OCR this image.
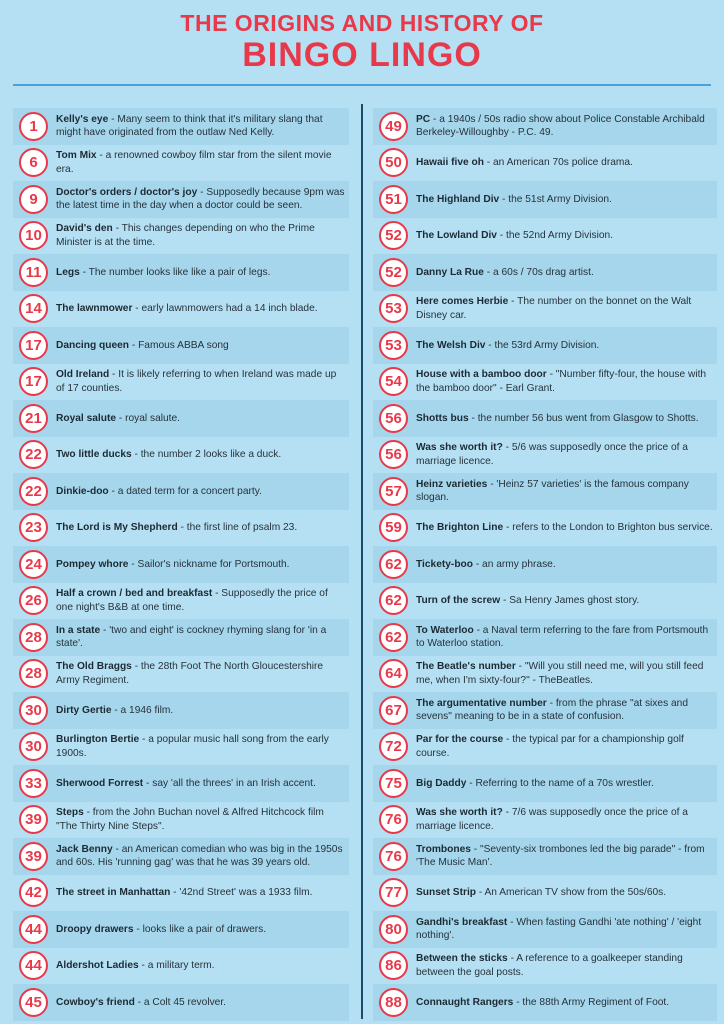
THE ORIGINS AND HISTORY OF
BINGO LINGO
1	Kelly's eye - Many seem to think that it's military slang that might have originated from the outlaw Ned Kelly.
6	Tom Mix - a renowned cowboy film star from the silent movie era.
9	Doctor's orders / doctor's joy - Supposedly because 9pm was the latest time in the day when a doctor could be seen.
10	David's den - This changes depending on who the Prime Minister is at the time.
11	Legs - The number looks like like a pair of legs.
14	The lawnmower - early lawnmowers had a 14 inch blade.
17	Dancing queen - Famous ABBA song
17	Old Ireland - It is likely referring to when Ireland was made up of 17 counties.
21	Royal salute - royal salute.
22	Two little ducks - the number 2 looks like a duck.
22	Dinkie-doo - a dated term for a concert party.
23	The Lord is My Shepherd - the first line of psalm 23.
24	Pompey whore - Sailor's nickname for Portsmouth.
26	Half a crown / bed and breakfast - Supposedly the price of one night's B&B at one time.
28	In a state - 'two and eight' is cockney rhyming slang for 'in a state'.
28	The Old Braggs - the 28th Foot The North Gloucestershire Army Regiment.
30	Dirty Gertie - a 1946 film.
30	Burlington Bertie - a popular music hall song from the early 1900s.
33	Sherwood Forrest - say 'all the threes' in an Irish accent.
39	Steps - from the John Buchan novel & Alfred Hitchcock film "The Thirty Nine Steps".
39	Jack Benny - an American comedian who was big in the 1950s and 60s. His 'running gag' was that he was 39 years old.
42	The street in Manhattan - '42nd Street' was a 1933 film.
44	Droopy drawers - looks like a pair of drawers.
44	Aldershot Ladies - a military term.
45	Cowboy's friend - a Colt 45 revolver.
49	PC - a 1940s / 50s radio show about Police Constable Archibald Berkeley-Willoughby - P.C. 49.
50	Hawaii five oh - an American 70s police drama.
51	The Highland Div - the 51st Army Division.
52	The Lowland Div - the 52nd Army Division.
52	Danny La Rue - a 60s / 70s drag artist.
53	Here comes Herbie - The number on the bonnet on the Walt Disney car.
53	The Welsh Div - the 53rd Army Division.
54	House with a bamboo door - "Number fifty-four, the house with the bamboo door" - Earl Grant.
56	Shotts bus - the number 56 bus went from Glasgow to Shotts.
56	Was she worth it? - 5/6 was supposedly once the price of a marriage licence.
57	Heinz varieties - 'Heinz 57 varieties' is the famous company slogan.
59	The Brighton Line - refers to the London to Brighton bus service.
62	Tickety-boo - an army phrase.
62	Turn of the screw - Sa Henry James ghost story.
62	To Waterloo - a Naval term referring to the fare from Portsmouth to Waterloo station.
64	The Beatle's number - "Will you still need me, will you still feed me, when I'm sixty-four?" - TheBeatles.
67	The argumentative number - from the phrase "at sixes and sevens" meaning to be in a state of confusion.
72	Par for the course - the typical par for a championship golf course.
75	Big Daddy - Referring to the name of a 70s wrestler.
76	Was she worth it? - 7/6 was supposedly once the price of a marriage licence.
76	Trombones - "Seventy-six trombones led the big parade" - from 'The Music Man'.
77	Sunset Strip - An American TV show from the 50s/60s.
80	Gandhi's breakfast - When fasting Gandhi 'ate nothing' / 'eight nothing'.
86	Between the sticks - A reference to a goalkeeper standing between the goal posts.
88	Connaught Rangers - the 88th Army Regiment of Foot.
